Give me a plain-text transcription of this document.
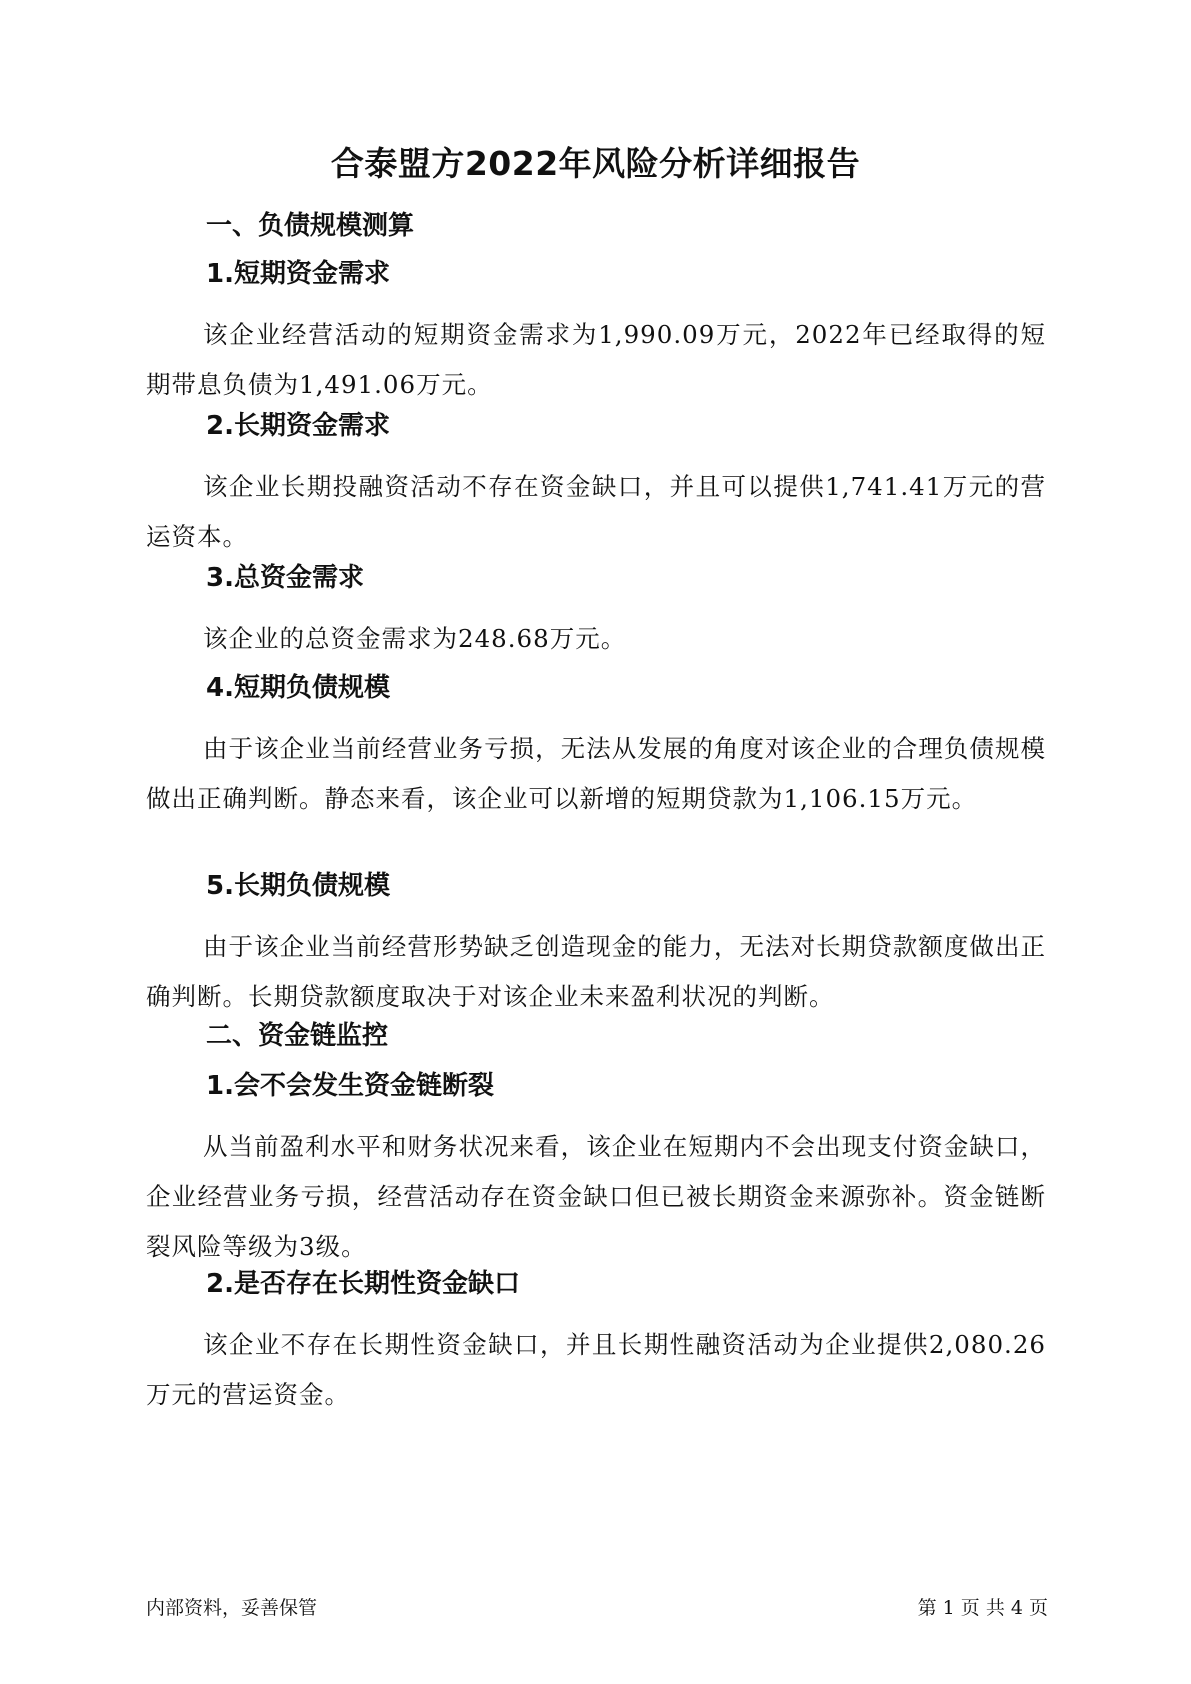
合泰盟方2022年风险分析详细报告
一、负债规模测算
1.短期资金需求

该企业经营活动的短期资金需求为1,990.09万元，2022年已经取得的短期带息负债为1,491.06万元。

2.长期资金需求

该企业长期投融资活动不存在资金缺口，并且可以提供1,741.41万元的营运资本。

3.总资金需求

该企业的总资金需求为248.68万元。

4.短期负债规模

由于该企业当前经营业务亏损，无法从发展的角度对该企业的合理负债规模做出正确判断。静态来看，该企业可以新增的短期贷款为1,106.15万元。

5.长期负债规模

由于该企业当前经营形势缺乏创造现金的能力，无法对长期贷款额度做出正确判断。长期贷款额度取决于对该企业未来盈利状况的判断。

二、资金链监控
1.会不会发生资金链断裂

从当前盈利水平和财务状况来看，该企业在短期内不会出现支付资金缺口，企业经营业务亏损，经营活动存在资金缺口但已被长期资金来源弥补。资金链断裂风险等级为3级。

2.是否存在长期性资金缺口

该企业不存在长期性资金缺口，并且长期性融资活动为企业提供2,080.26万元的营运资金。

内部资料，妥善保管	第 1 页 共 4 页
